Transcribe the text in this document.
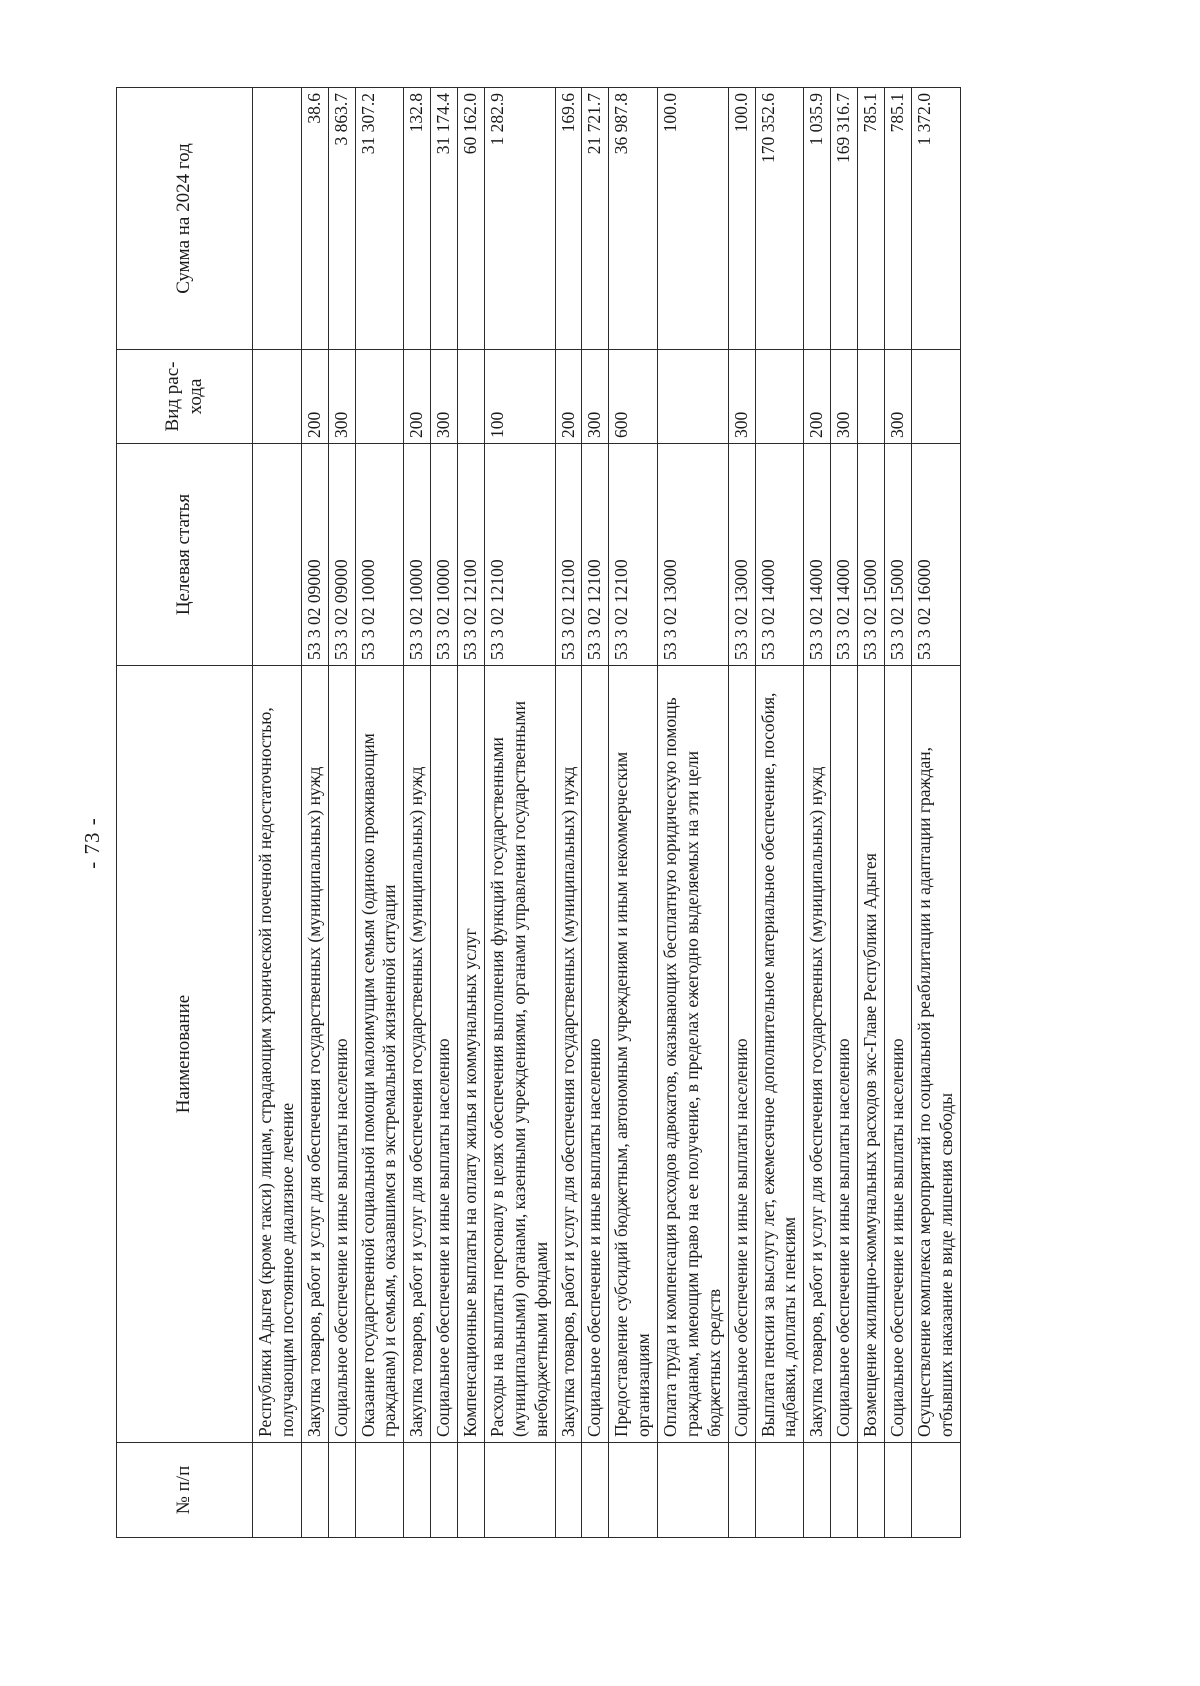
- 73 -
№ п/п	Наименование	Целевая статья	Вид рас-хода	Сумма на 2024 год
	Республики Адыгея (кроме такси) лицам, страдающим хронической почечной недостаточностью, получающим постоянное диализное лечение			
	Закупка товаров, работ и услуг для обеспечения государственных (муниципальных) нужд	53 3 02 09000	200	38.6
	Социальное обеспечение и иные выплаты населению	53 3 02 09000	300	3 863.7
	Оказание государственной социальной помощи малоимущим семьям (одиноко проживающим гражданам) и семьям, оказавшимся в экстремальной жизненной ситуации	53 3 02 10000		31 307.2
	Закупка товаров, работ и услуг для обеспечения государственных (муниципальных) нужд	53 3 02 10000	200	132.8
	Социальное обеспечение и иные выплаты населению	53 3 02 10000	300	31 174.4
	Компенсационные выплаты на оплату жилья и коммунальных услуг	53 3 02 12100		60 162.0
	Расходы на выплаты персоналу в целях обеспечения выполнения функций государственными (муниципальными) органами, казенными учреждениями, органами управления государственными внебюджетными фондами	53 3 02 12100	100	1 282.9
	Закупка товаров, работ и услуг для обеспечения государственных (муниципальных) нужд	53 3 02 12100	200	169.6
	Социальное обеспечение и иные выплаты населению	53 3 02 12100	300	21 721.7
	Предоставление субсидий бюджетным, автономным учреждениям и иным некоммерческим организациям	53 3 02 12100	600	36 987.8
	Оплата труда и компенсация расходов адвокатов, оказывающих бесплатную юридическую помощь гражданам, имеющим право на ее получение, в пределах ежегодно выделяемых на эти цели бюджетных средств	53 3 02 13000		100.0
	Социальное обеспечение и иные выплаты населению	53 3 02 13000	300	100.0
	Выплата пенсии за выслугу лет, ежемесячное дополнительное материальное обеспечение, пособия, надбавки, доплаты к пенсиям	53 3 02 14000		170 352.6
	Закупка товаров, работ и услуг для обеспечения государственных (муниципальных) нужд	53 3 02 14000	200	1 035.9
	Социальное обеспечение и иные выплаты населению	53 3 02 14000	300	169 316.7
	Возмещение жилищно-коммунальных расходов экс-Главе Республики Адыгея	53 3 02 15000		785.1
	Социальное обеспечение и иные выплаты населению	53 3 02 15000	300	785.1
	Осуществление комплекса мероприятий по социальной реабилитации и адаптации граждан, отбывших наказание в виде лишения свободы	53 3 02 16000		1 372.0
